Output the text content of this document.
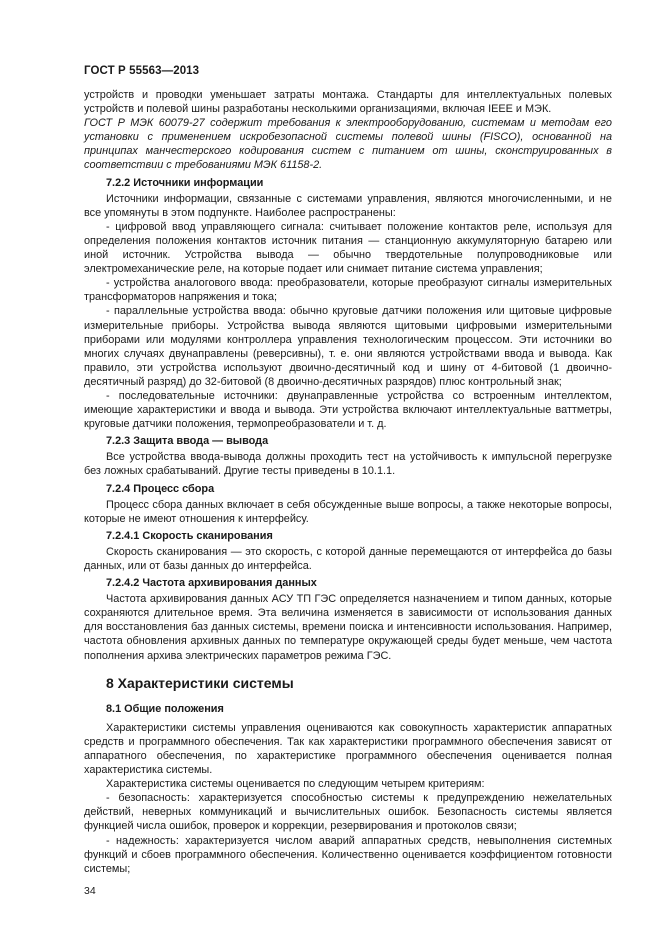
ГОСТ Р 55563—2013

устройств и проводки уменьшает затраты монтажа. Стандарты для интеллектуальных полевых устройств и полевой шины разработаны несколькими организациями, включая IEEE и МЭК.

ГОСТ Р МЭК 60079-27 содержит требования к электрооборудованию, системам и методам его установки с применением искробезопасной системы полевой шины (FISCO), основанной на принципах манчестерского кодирования систем с питанием от шины, сконструированных в соответствии с требованиями МЭК 61158-2.

7.2.2 Источники информации

Источники информации, связанные с системами управления, являются многочисленными, и не все упомянуты в этом подпункте. Наиболее распространены:

- цифровой ввод управляющего сигнала: считывает положение контактов реле, используя для определения положения контактов источник питания — станционную аккумуляторную батарею или иной источник. Устройства вывода — обычно твердотельные полупроводниковые или электромеханические реле, на которые подает или снимает питание система управления;

- устройства аналогового ввода: преобразователи, которые преобразуют сигналы измерительных трансформаторов напряжения и тока;

- параллельные устройства ввода: обычно круговые датчики положения или щитовые цифровые измерительные приборы. Устройства вывода являются щитовыми цифровыми измерительными приборами или модулями контроллера управления технологическим процессом. Эти источники во многих случаях двунаправлены (реверсивны), т. е. они являются устройствами ввода и вывода. Как правило, эти устройства используют двоично-десятичный код и шину от 4-битовой (1 двоично-десятичный разряд) до 32-битовой (8 двоично-десятичных разрядов) плюс контрольный знак;

- последовательные источники: двунаправленные устройства со встроенным интеллектом, имеющие характеристики и ввода и вывода. Эти устройства включают интеллектуальные ваттметры, круговые датчики положения, термопреобразователи и т. д.

7.2.3 Защита ввода — вывода

Все устройства ввода-вывода должны проходить тест на устойчивость к импульсной перегрузке без ложных срабатываний. Другие тесты приведены в 10.1.1.

7.2.4 Процесс сбора

Процесс сбора данных включает в себя обсужденные выше вопросы, а также некоторые вопросы, которые не имеют отношения к интерфейсу.

7.2.4.1 Скорость сканирования

Скорость сканирования — это скорость, с которой данные перемещаются от интерфейса до базы данных, или от базы данных до интерфейса.

7.2.4.2 Частота архивирования данных

Частота архивирования данных АСУ ТП ГЭС определяется назначением и типом данных, которые сохраняются длительное время. Эта величина изменяется в зависимости от использования данных для восстановления баз данных системы, времени поиска и интенсивности использования. Например, частота обновления архивных данных по температуре окружающей среды будет меньше, чем частота пополнения архива электрических параметров режима ГЭС.

8 Характеристики системы
8.1 Общие положения

Характеристики системы управления оцениваются как совокупность характеристик аппаратных средств и программного обеспечения. Так как характеристики программного обеспечения зависят от аппаратного обеспечения, по характеристике программного обеспечения оценивается полная характеристика системы.

Характеристика системы оценивается по следующим четырем критериям:

- безопасность: характеризуется способностью системы к предупреждению нежелательных действий, неверных коммуникаций и вычислительных ошибок. Безопасность системы является функцией числа ошибок, проверок и коррекции, резервирования и протоколов связи;

- надежность: характеризуется числом аварий аппаратных средств, невыполнения системных функций и сбоев программного обеспечения. Количественно оценивается коэффициентом готовности системы;

34
